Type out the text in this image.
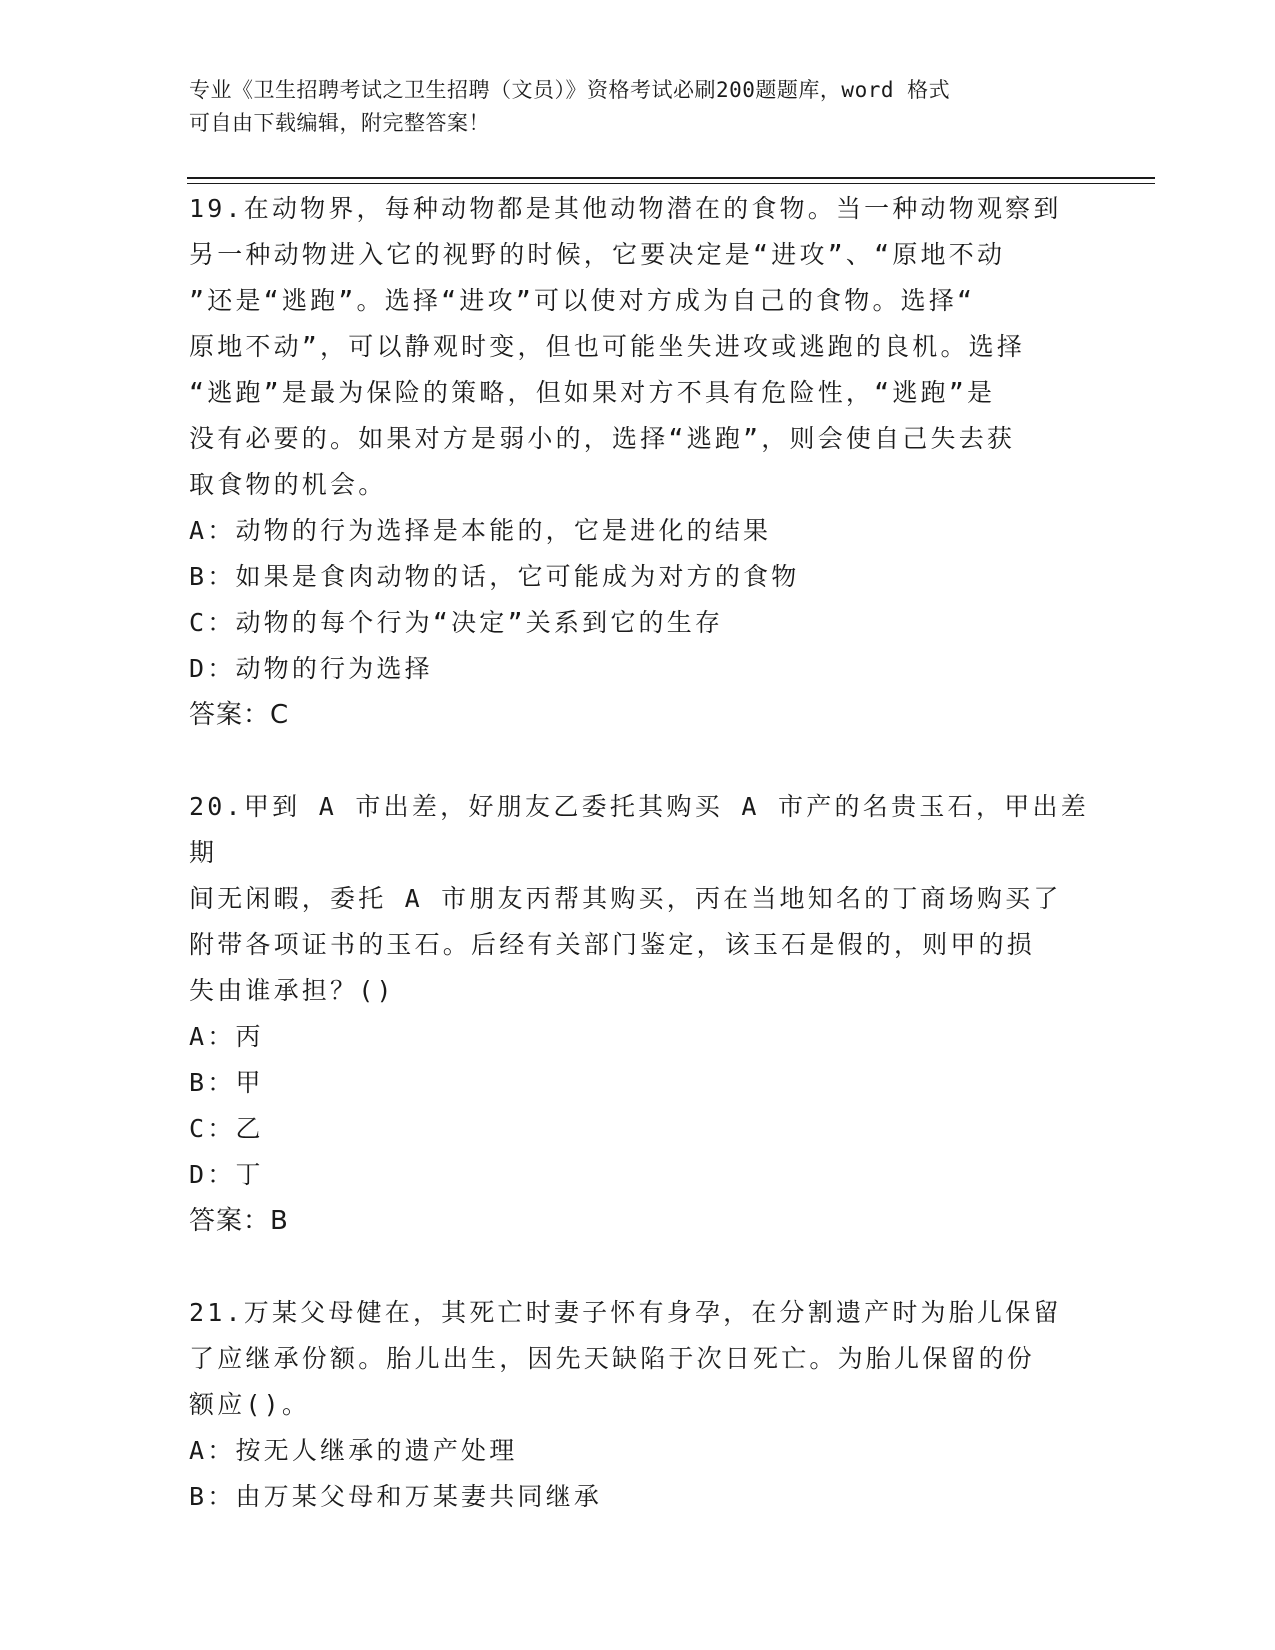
专业《卫生招聘考试之卫生招聘（文员）》资格考试必刷200题题库，word 格式
可自由下载编辑，附完整答案！
19.在动物界，每种动物都是其他动物潜在的食物。当一种动物观察到
另一种动物进入它的视野的时候，它要决定是“进攻”、“原地不动
”还是“逃跑”。选择“进攻”可以使对方成为自己的食物。选择“
原地不动”，可以静观时变，但也可能坐失进攻或逃跑的良机。选择
“逃跑”是最为保险的策略，但如果对方不具有危险性，“逃跑”是
没有必要的。如果对方是弱小的，选择“逃跑”，则会使自己失去获
取食物的机会。
A：动物的行为选择是本能的，它是进化的结果
B：如果是食肉动物的话，它可能成为对方的食物
C：动物的每个行为“决定”关系到它的生存
D：动物的行为选择
答案：C
20.甲到 A 市出差，好朋友乙委托其购买 A 市产的名贵玉石，甲出差期
间无闲暇，委托 A 市朋友丙帮其购买，丙在当地知名的丁商场购买了
附带各项证书的玉石。后经有关部门鉴定，该玉石是假的，则甲的损
失由谁承担？()
A：丙
B：甲
C：乙
D：丁
答案：B
21.万某父母健在，其死亡时妻子怀有身孕，在分割遗产时为胎儿保留
了应继承份额。胎儿出生，因先天缺陷于次日死亡。为胎儿保留的份
额应()。
A：按无人继承的遗产处理
B：由万某父母和万某妻共同继承
